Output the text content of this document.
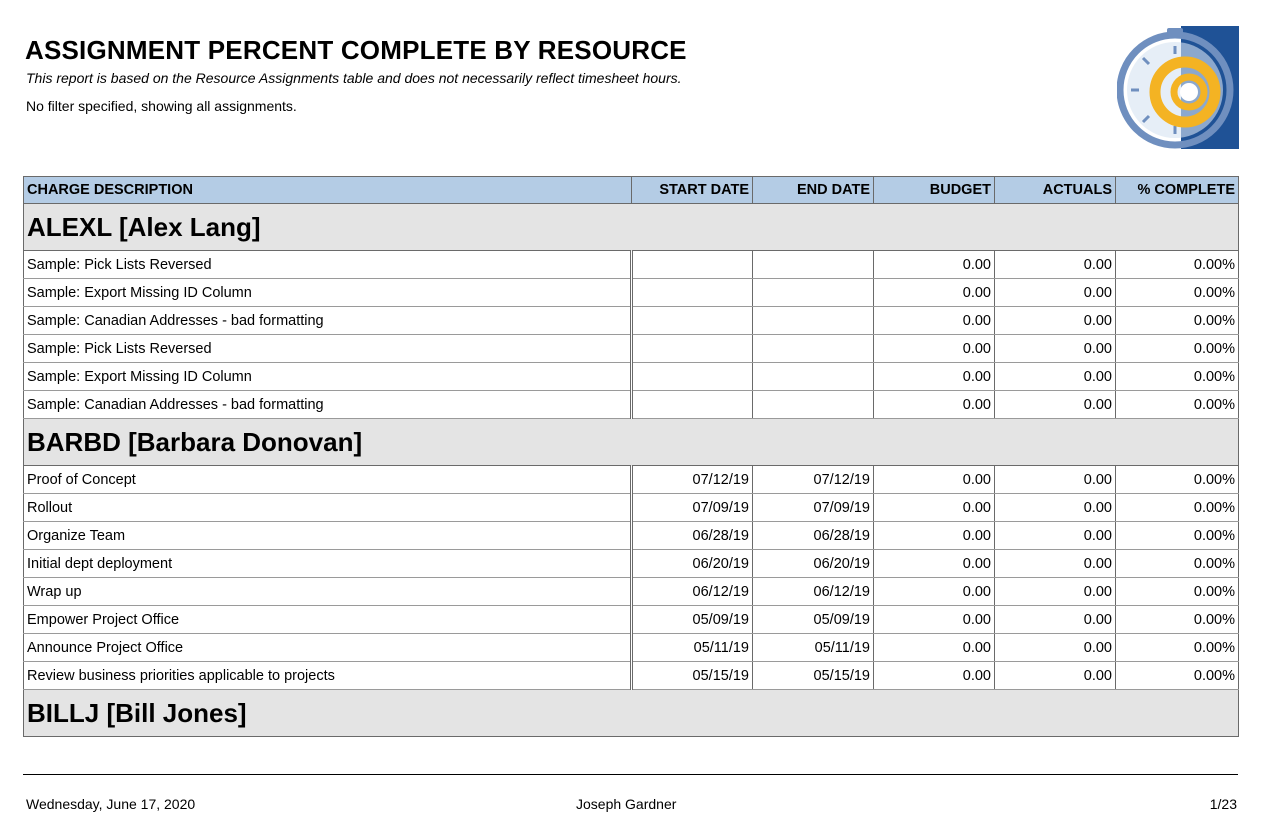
ASSIGNMENT PERCENT COMPLETE BY RESOURCE
This report is based on the Resource Assignments table and does not necessarily reflect timesheet hours.
No filter specified, showing all assignments.
CHARGE DESCRIPTION	START DATE	END DATE	BUDGET	ACTUALS	% COMPLETE
ALEXL [Alex Lang]					
Sample: Pick Lists Reversed			0.00	0.00	0.00%
Sample: Export Missing ID Column			0.00	0.00	0.00%
Sample: Canadian Addresses - bad formatting			0.00	0.00	0.00%
Sample: Pick Lists Reversed			0.00	0.00	0.00%
Sample: Export Missing ID Column			0.00	0.00	0.00%
Sample: Canadian Addresses - bad formatting			0.00	0.00	0.00%
BARBD [Barbara Donovan]					
Proof of Concept	07/12/19	07/12/19	0.00	0.00	0.00%
Rollout	07/09/19	07/09/19	0.00	0.00	0.00%
Organize Team	06/28/19	06/28/19	0.00	0.00	0.00%
Initial dept deployment	06/20/19	06/20/19	0.00	0.00	0.00%
Wrap up	06/12/19	06/12/19	0.00	0.00	0.00%
Empower Project Office	05/09/19	05/09/19	0.00	0.00	0.00%
Announce Project Office	05/11/19	05/11/19	0.00	0.00	0.00%
Review business priorities applicable to projects	05/15/19	05/15/19	0.00	0.00	0.00%
BILLJ [Bill Jones]					
Wednesday, June 17, 2020	Joseph Gardner	1/23
